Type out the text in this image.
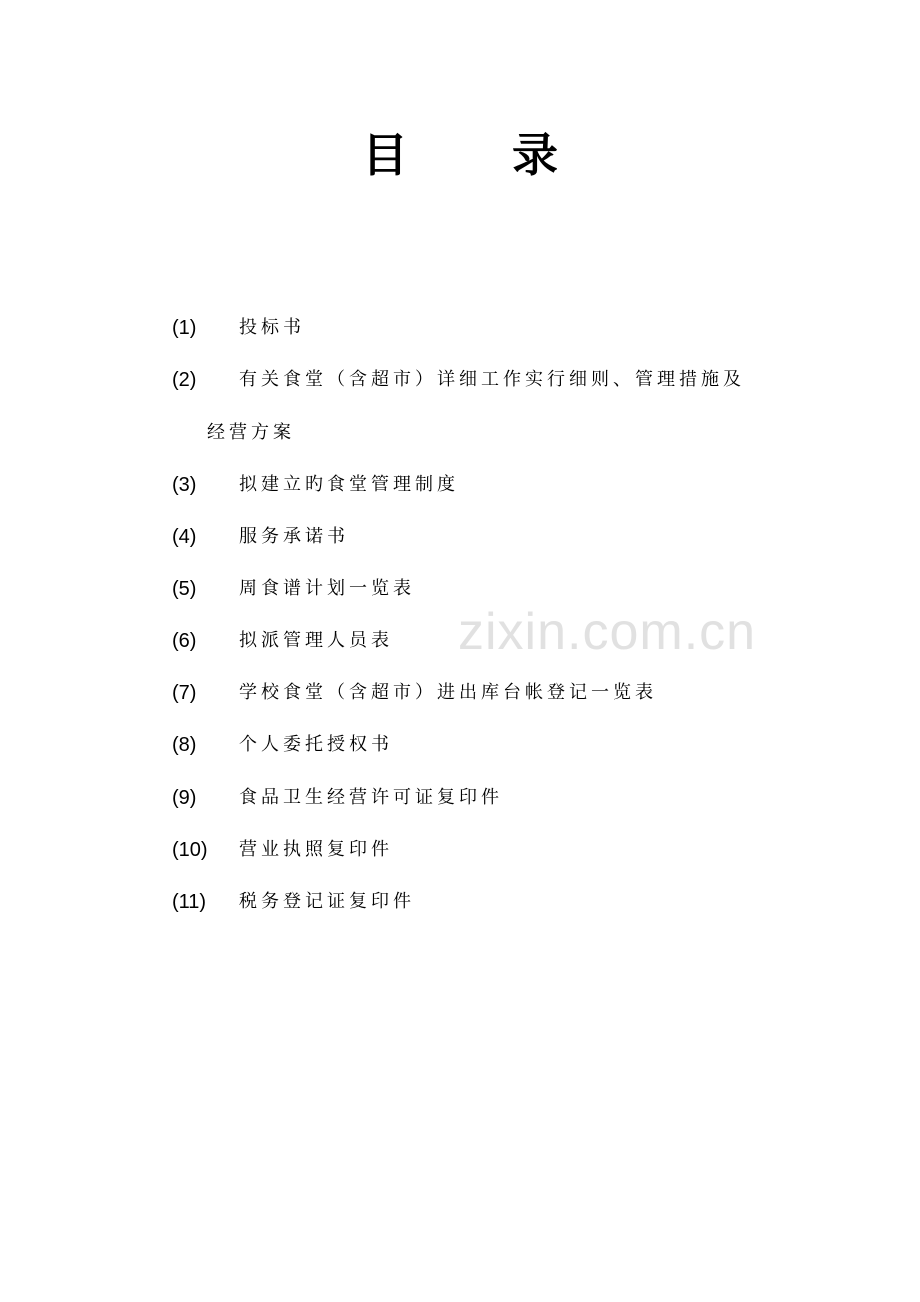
目 录
zixin.com.cn
(1)	投标书
(2)	有关食堂（含超市）详细工作实行细则、管理措施及
经营方案
(3)	拟建立旳食堂管理制度
(4)	服务承诺书
(5)	周食谱计划一览表
(6)	拟派管理人员表
(7)	学校食堂（含超市）进出库台帐登记一览表
(8)	个人委托授权书
(9)	食品卫生经营许可证复印件
(10)	营业执照复印件
(11)	税务登记证复印件
